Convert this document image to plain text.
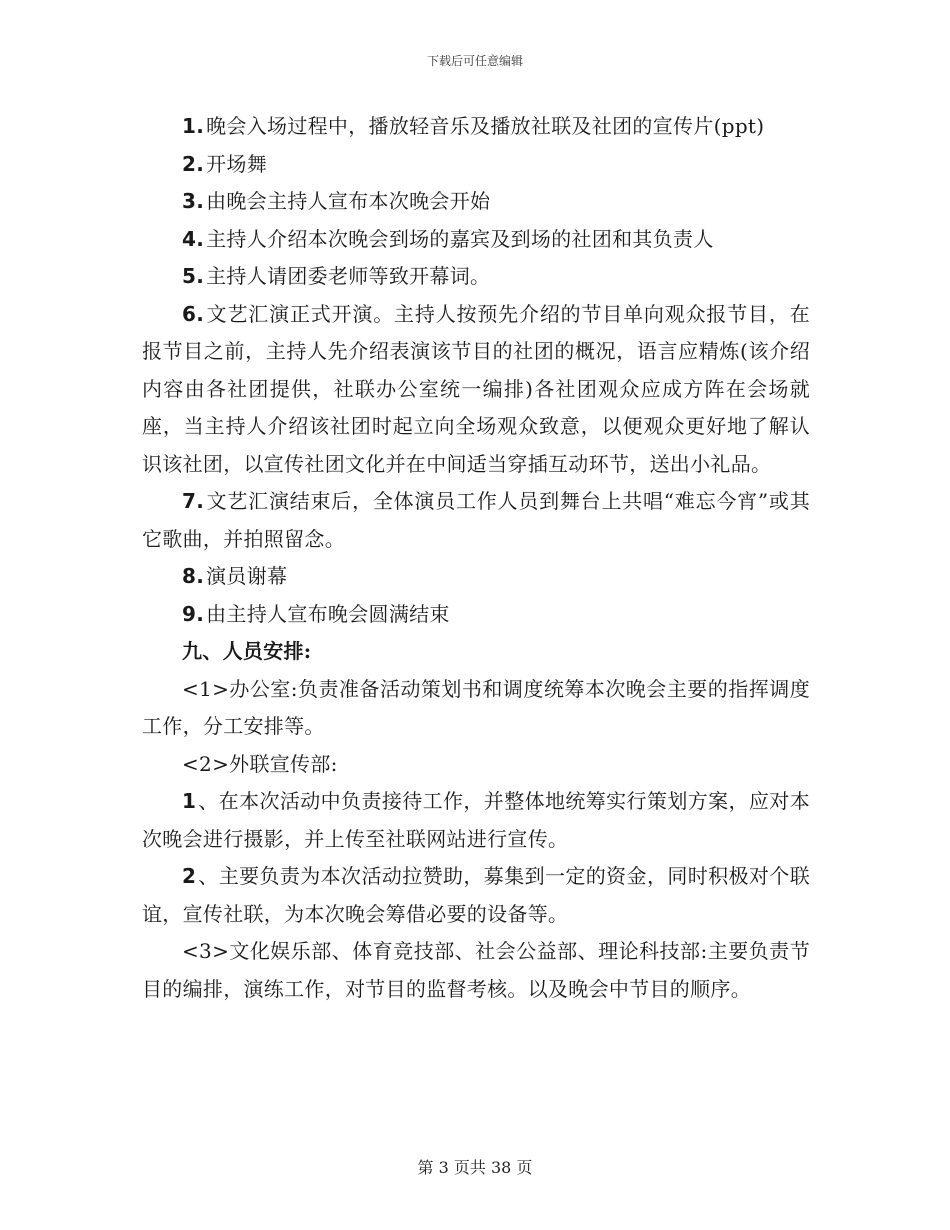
下载后可任意编辑

1. 晚会入场过程中，播放轻音乐及播放社联及社团的宣传片(ppt)

2. 开场舞

3. 由晚会主持人宣布本次晚会开始

4. 主持人介绍本次晚会到场的嘉宾及到场的社团和其负责人

5. 主持人请团委老师等致开幕词。

6. 文艺汇演正式开演。主持人按预先介绍的节目单向观众报节目，在报节目之前，主持人先介绍表演该节目的社团的概况，语言应精炼(该介绍内容由各社团提供，社联办公室统一编排)各社团观众应成方阵在会场就座，当主持人介绍该社团时起立向全场观众致意，以便观众更好地了解认识该社团，以宣传社团文化并在中间适当穿插互动环节，送出小礼品。

7. 文艺汇演结束后，全体演员工作人员到舞台上共唱“难忘今宵”或其它歌曲，并拍照留念。

8. 演员谢幕

9. 由主持人宣布晚会圆满结束

九、人员安排:

<1>办公室:负责准备活动策划书和调度统筹本次晚会主要的指挥调度工作，分工安排等。

<2>外联宣传部:

1 、在本次活动中负责接待工作，并整体地统筹实行策划方案，应对本次晚会进行摄影，并上传至社联网站进行宣传。

2 、主要负责为本次活动拉赞助，募集到一定的资金，同时积极对个联谊，宣传社联，为本次晚会筹借必要的设备等。

<3>文化娱乐部、体育竞技部、社会公益部、理论科技部:主要负责节目的编排，演练工作，对节目的监督考核。以及晚会中节目的顺序。

第 3 页共 38 页
